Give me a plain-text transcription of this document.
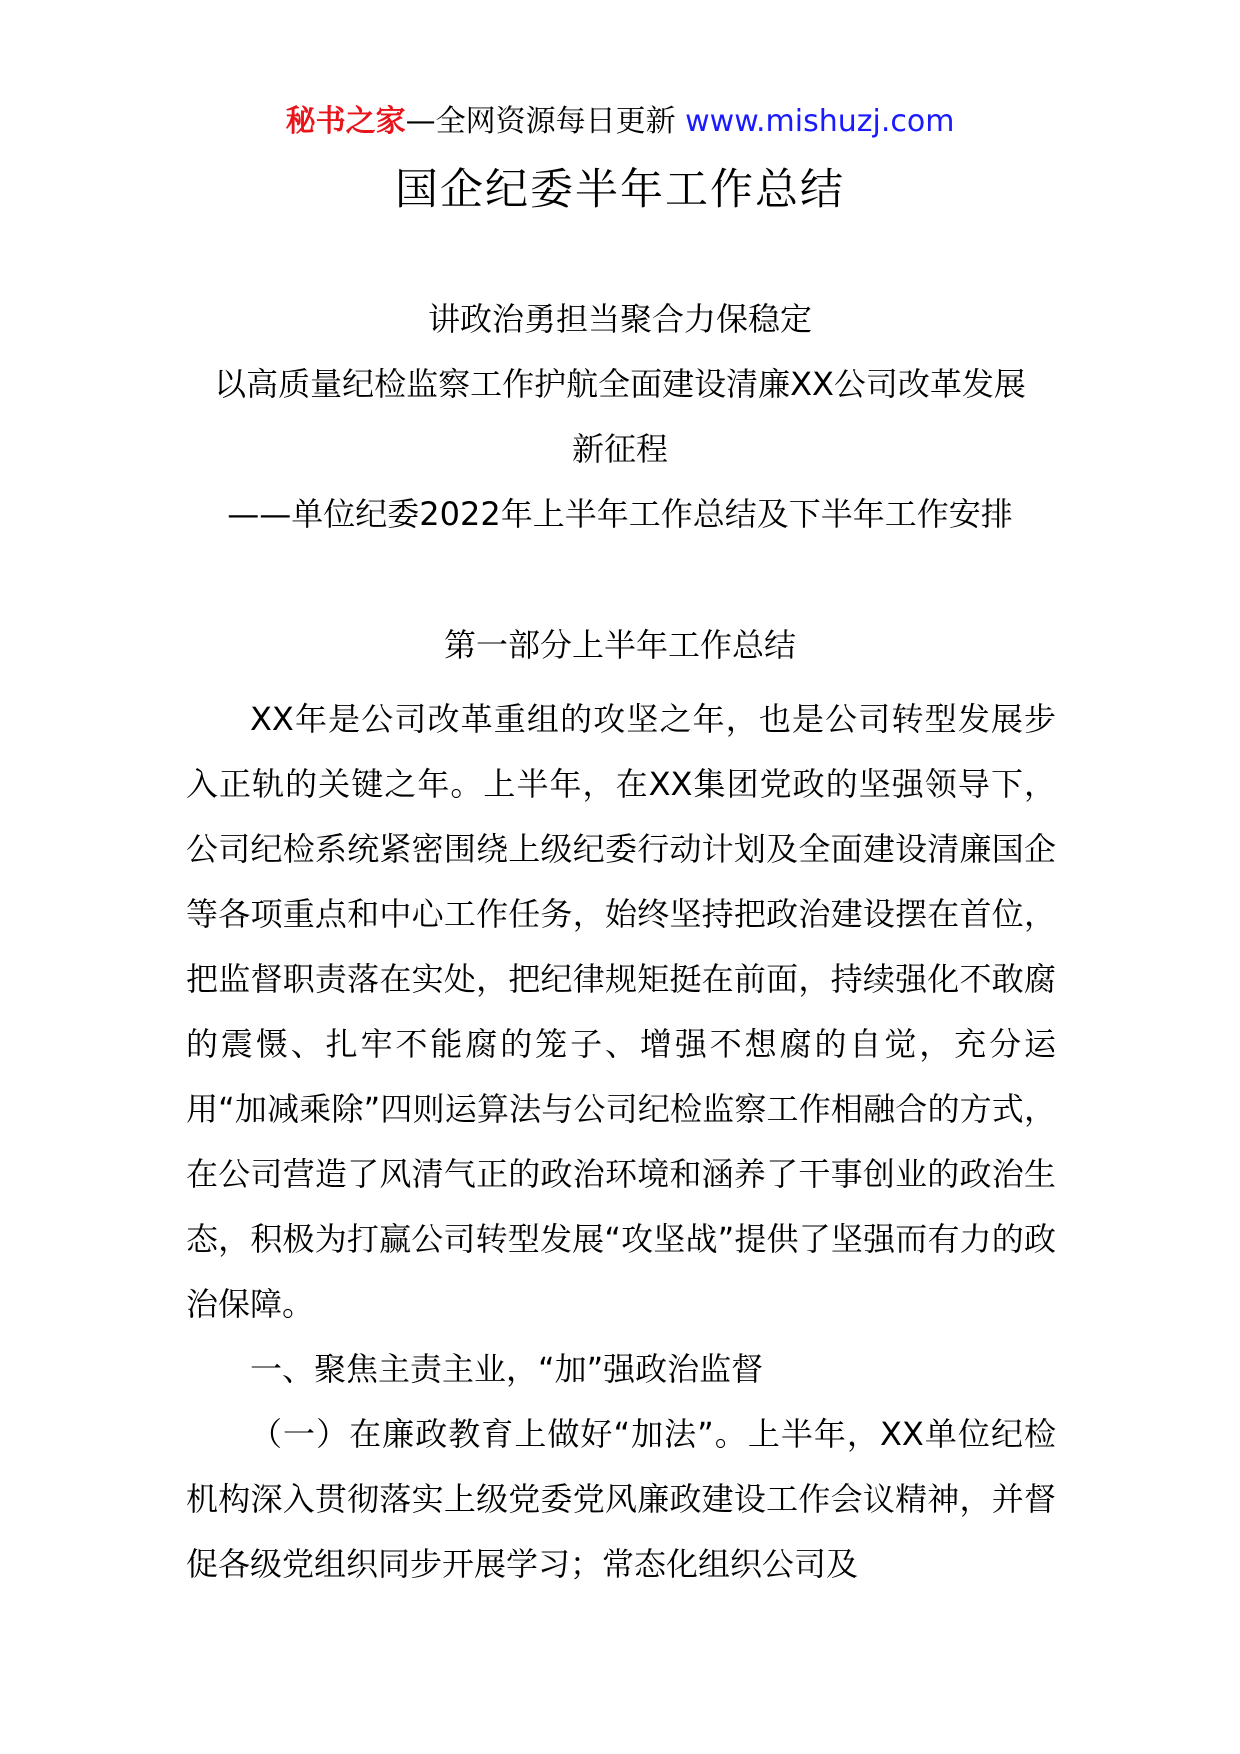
秘书之家—全网资源每日更新 www.mishuzj.com
国企纪委半年工作总结
讲政治勇担当聚合力保稳定
以高质量纪检监察工作护航全面建设清廉XX公司改革发展
新征程
——单位纪委2022年上半年工作总结及下半年工作安排
第一部分上半年工作总结

XX年是公司改革重组的攻坚之年，也是公司转型发展步入正轨的关键之年。上半年，在XX集团党政的坚强领导下，公司纪检系统紧密围绕上级纪委行动计划及全面建设清廉国企等各项重点和中心工作任务，始终坚持把政治建设摆在首位，把监督职责落在实处，把纪律规矩挺在前面，持续强化不敢腐的震慑、扎牢不能腐的笼子、增强不想腐的自觉，充分运用“加减乘除”四则运算法与公司纪检监察工作相融合的方式，在公司营造了风清气正的政治环境和涵养了干事创业的政治生态，积极为打赢公司转型发展“攻坚战”提供了坚强而有力的政治保障。

一、聚焦主责主业，“加”强政治监督

（一）在廉政教育上做好“加法”。上半年，XX单位纪检机构深入贯彻落实上级党委党风廉政建设工作会议精神，并督促各级党组织同步开展学习；常态化组织公司及
